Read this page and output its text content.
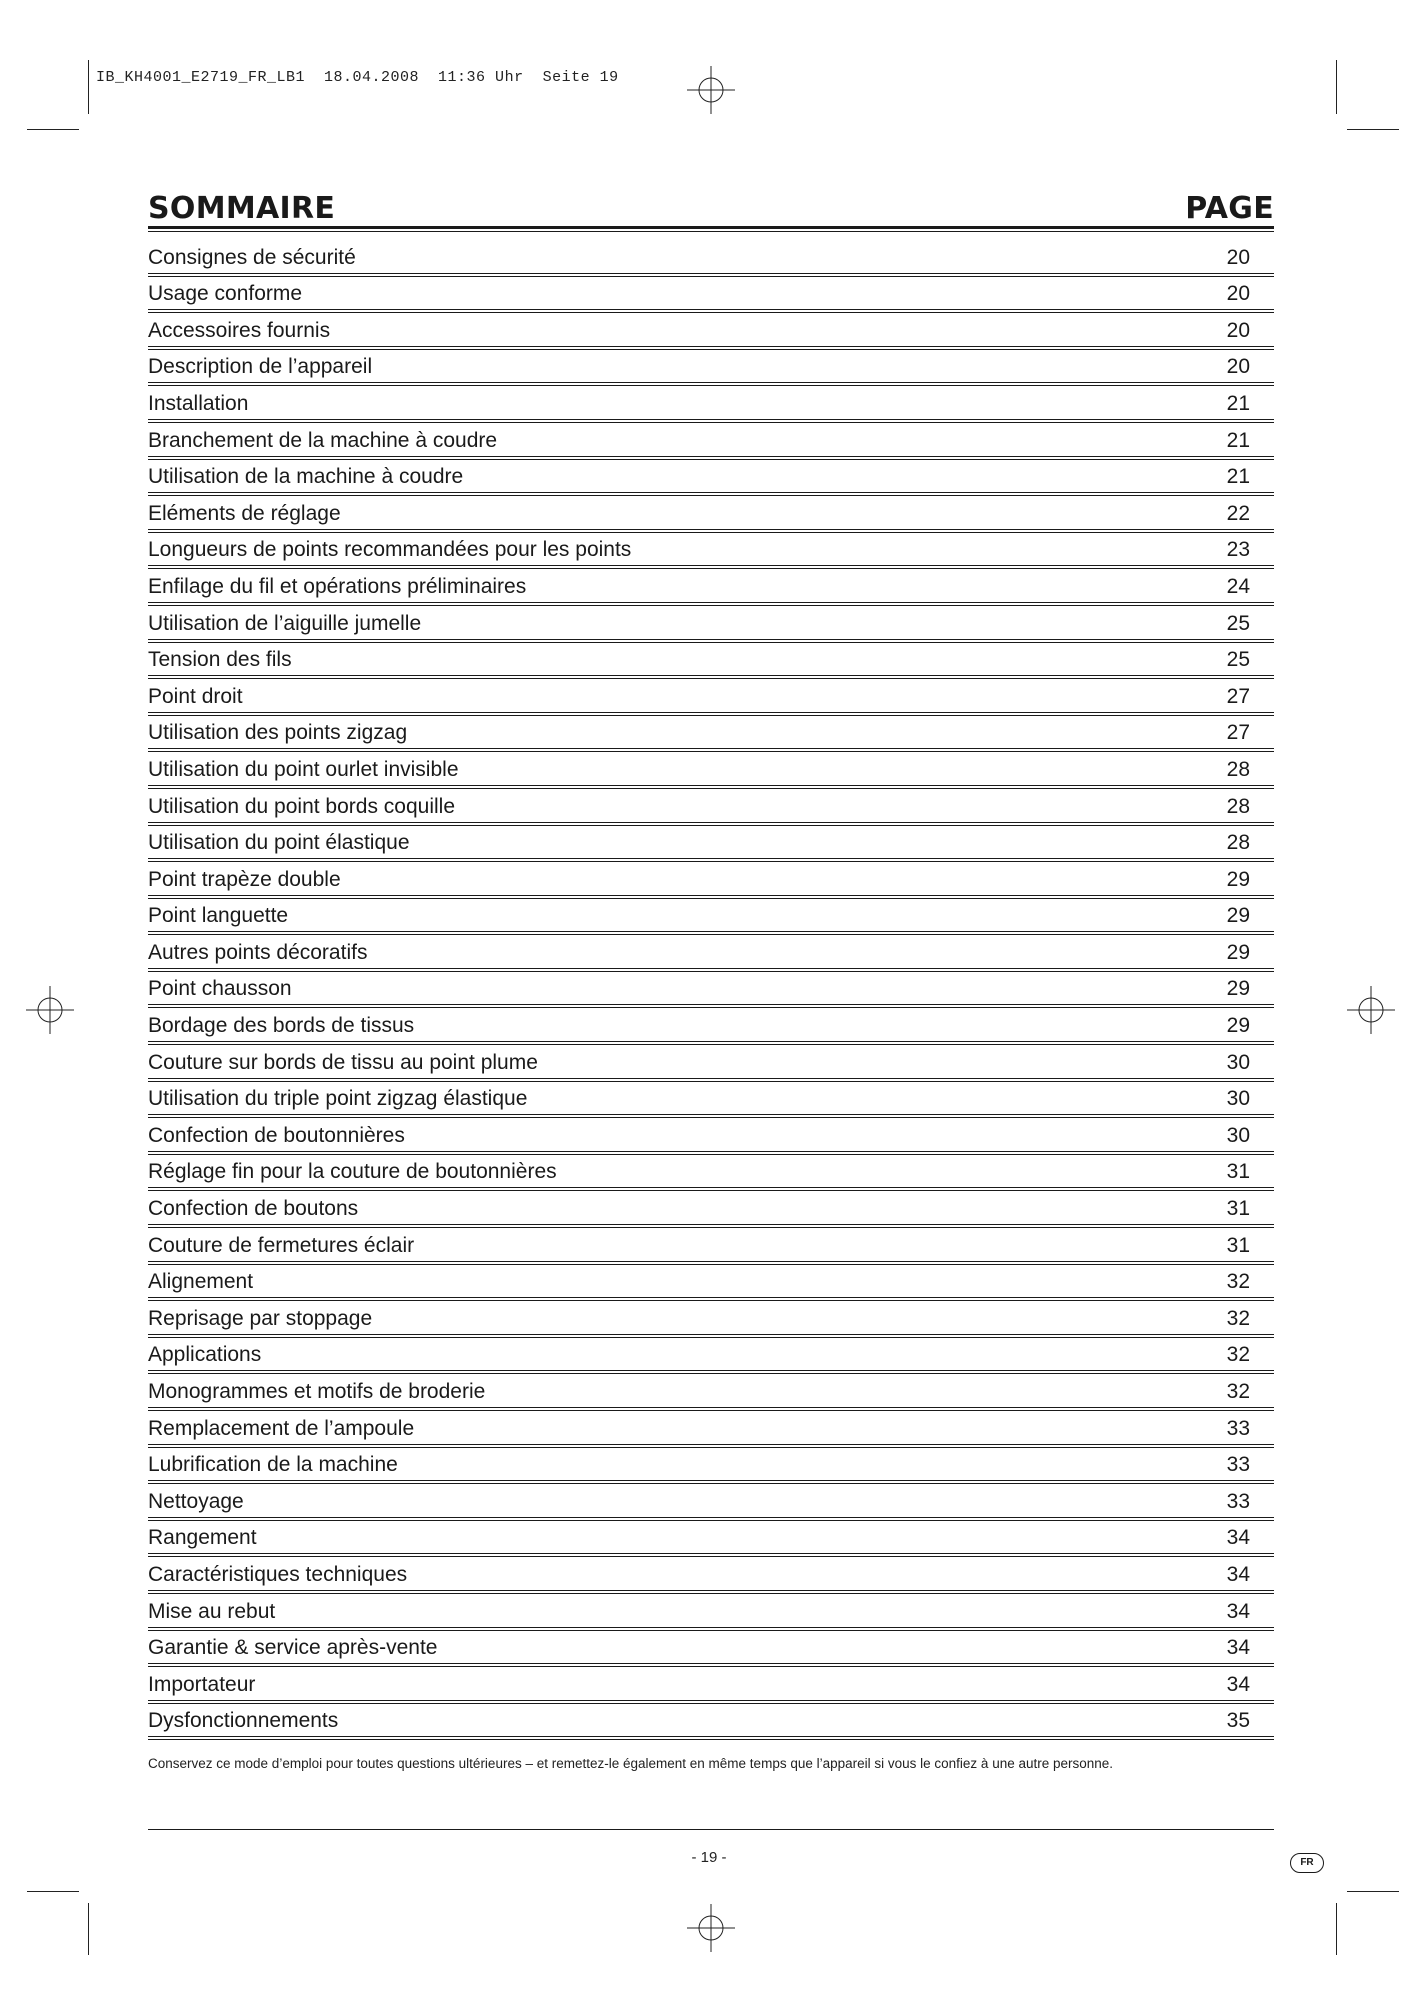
IB_KH4001_E2719_FR_LB1  18.04.2008  11:36 Uhr  Seite 19
SOMMAIRE	PAGE
Consignes de sécurité	20
Usage conforme	20
Accessoires fournis	20
Description de l’appareil	20
Installation	21
Branchement de la machine à coudre	21
Utilisation de la machine à coudre	21
Eléments de réglage	22
Longueurs de points recommandées pour les points	23
Enfilage du fil et opérations préliminaires	24
Utilisation de l’aiguille jumelle	25
Tension des fils	25
Point droit	27
Utilisation des points zigzag	27
Utilisation du point ourlet invisible	28
Utilisation du point bords coquille	28
Utilisation du point élastique	28
Point trapèze double	29
Point languette	29
Autres points décoratifs	29
Point chausson	29
Bordage des bords de tissus	29
Couture sur bords de tissu au point plume	30
Utilisation du triple point zigzag élastique	30
Confection de boutonnières	30
Réglage fin pour la couture de boutonnières	31
Confection de boutons	31
Couture de fermetures éclair	31
Alignement	32
Reprisage par stoppage	32
Applications	32
Monogrammes et motifs de broderie	32
Remplacement de l’ampoule	33
Lubrification de la machine	33
Nettoyage	33
Rangement	34
Caractéristiques techniques	34
Mise au rebut	34
Garantie & service après-vente	34
Importateur	34
Dysfonctionnements	35
Conservez ce mode d’emploi pour toutes questions ultérieures – et remettez-le également en même temps que l’appareil si vous le confiez à une autre personne.
- 19 -	FR
